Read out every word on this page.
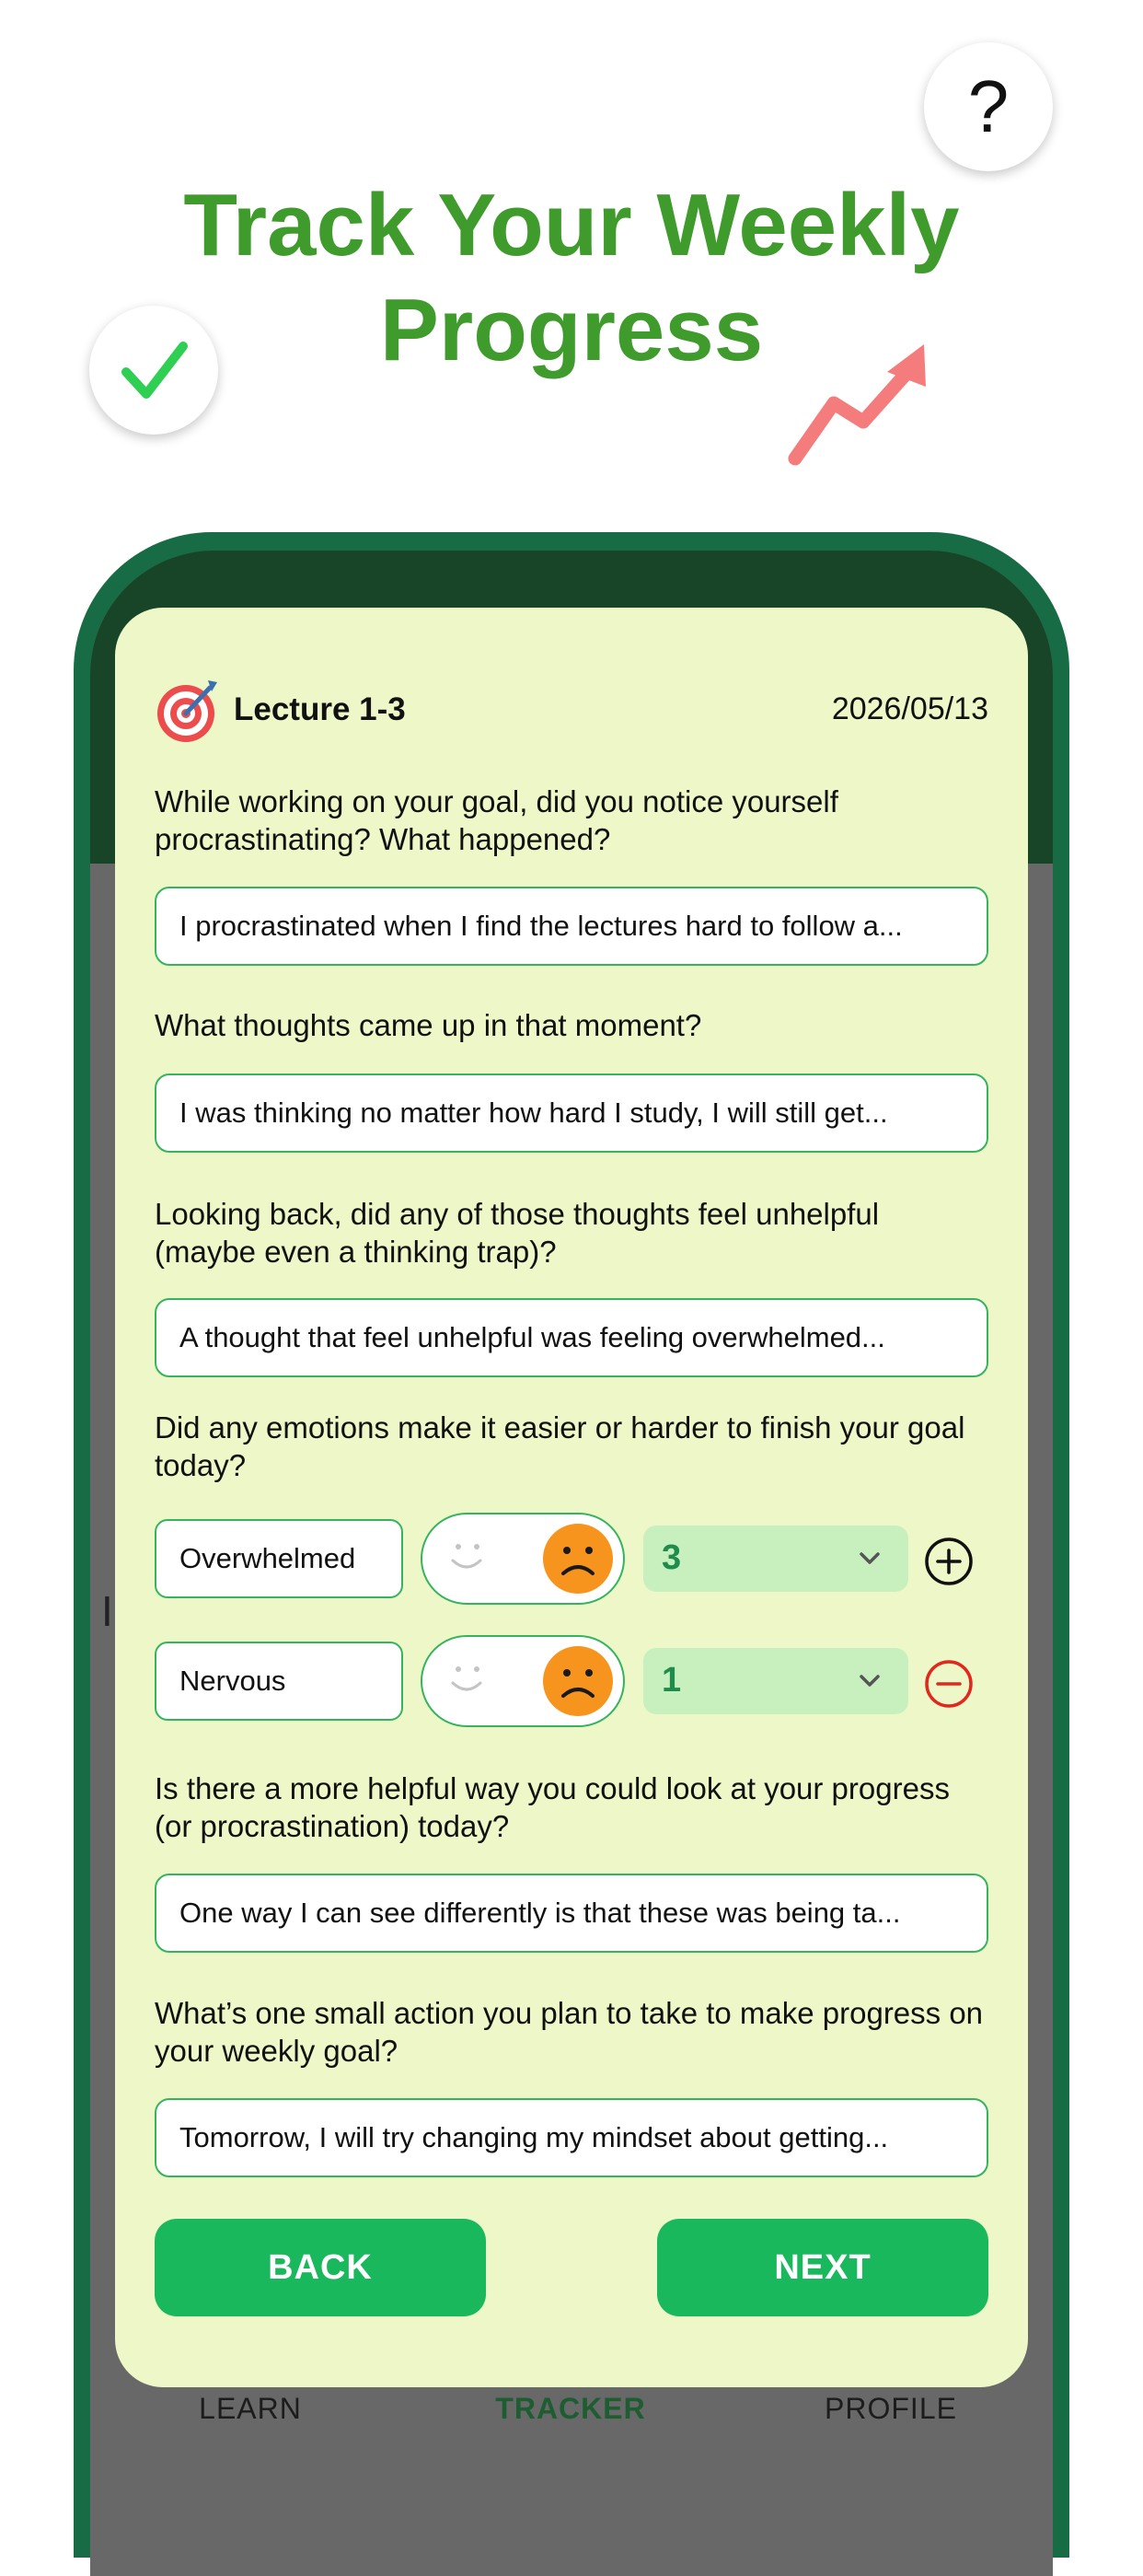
Track Your Weekly
Progress
?
I
LEARN	TRACKER	PROFILE
Lecture 1-3	2026/05/13
While working on your goal, did you notice yourself procrastinating? What happened?
I procrastinated when I find the lectures hard to follow a...
What thoughts came up in that moment?
I was thinking no matter how hard I study, I will still get...
Looking back, did any of those thoughts feel unhelpful (maybe even a thinking trap)?
A thought that feel unhelpful was feeling overwhelmed...
Did any emotions make it easier or harder to finish your goal today?
Overwhelmed	3
Nervous	1
Is there a more helpful way you could look at your progress (or procrastination) today?
One way I can see differently is that these was being ta...
What’s one small action you plan to take to make progress on your weekly goal?
Tomorrow, I will try changing my mindset about getting...
BACK	NEXT
